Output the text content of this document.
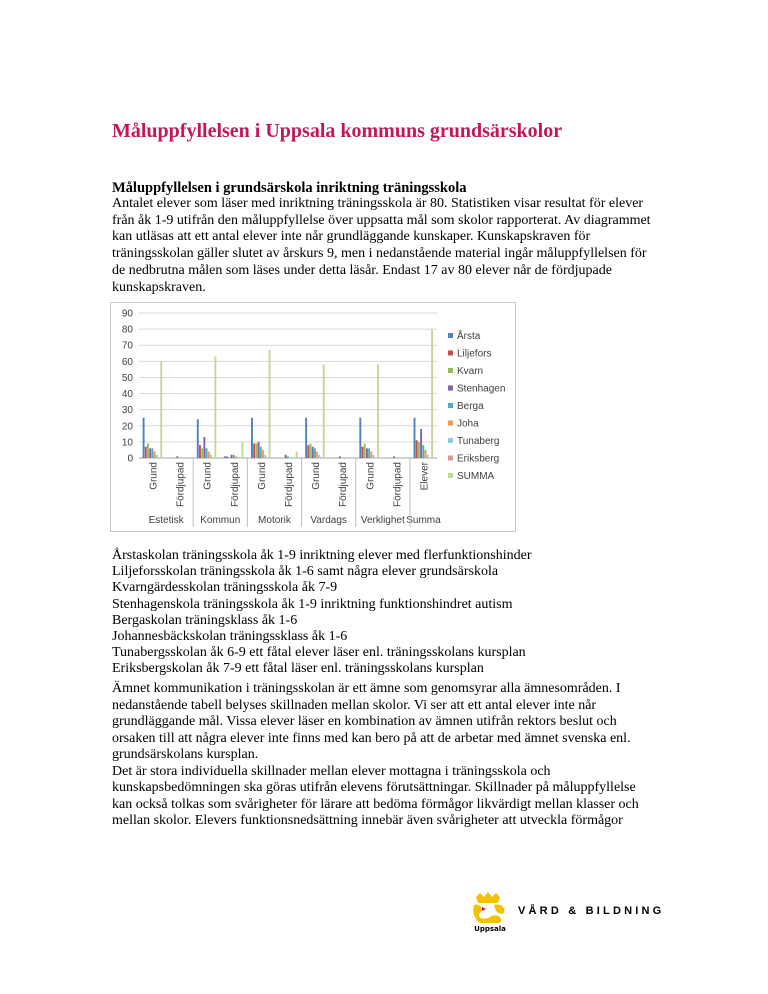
Måluppfyllelsen i Uppsala kommuns grundsärskolor
Måluppfyllelsen i grundsärskola inriktning träningsskola

Antalet elever som läser med inriktning träningsskola är 80. Statistiken visar resultat för elever
från åk 1-9 utifrån den måluppfyllelse över uppsatta mål som skolor rapporterat. Av diagrammet
kan utläsas att ett antal elever inte når grundläggande kunskaper. Kunskapskraven för
träningsskolan gäller slutet av årskurs 9, men i nedanstående material ingår måluppfyllelsen för
de nedbrutna målen som läses under detta läsår. Endast 17 av 80 elever når de fördjupade
kunskapskraven.

0
10
20
30
40
50
60
70
80
90
Grund Fördjupad Grund Fördjupad Grund Fördjupad Grund Fördjupad Grund Fördjupad Elever
Estetisk Kommun Motorik Vardags Verklighet Summa
Årsta
Liljefors
Kvarn
Stenhagen
Berga
Joha
Tunaberg
Eriksberg
SUMMA
Årstaskolan träningsskola åk 1-9 inriktning elever med flerfunktionshinder
Liljeforsskolan träningsskola åk 1-6 samt några elever grundsärskola
Kvarngärdesskolan träningsskola åk 7-9
Stenhagenskola träningsskola åk 1-9 inriktning funktionshindret autism
Bergaskolan träningsklass åk 1-6
Johannesbäckskolan träningssklass åk 1-6
Tunabergsskolan åk 6-9 ett fåtal elever läser enl. träningsskolans kursplan
Eriksbergskolan åk 7-9 ett fåtal läser enl. träningsskolans kursplan

Ämnet kommunikation i träningsskolan är ett ämne som genomsyrar alla ämnesområden. I
nedanstående tabell belyses skillnaden mellan skolor. Vi ser att ett antal elever inte når
grundläggande mål. Vissa elever läser en kombination av ämnen utifrån rektors beslut och
orsaken till att några elever inte finns med kan bero på att de arbetar med ämnet svenska enl.
grundsärskolans kursplan.
Det är stora individuella skillnader mellan elever mottagna i träningsskola och
kunskapsbedömningen ska göras utifrån elevens förutsättningar. Skillnader på måluppfyllelse
kan också tolkas som svårigheter för lärare att bedöma förmågor likvärdigt mellan klasser och
mellan skolor. Elevers funktionsnedsättning innebär även svårigheter att utveckla förmågor

Uppsala
VÅRD & BILDNING
